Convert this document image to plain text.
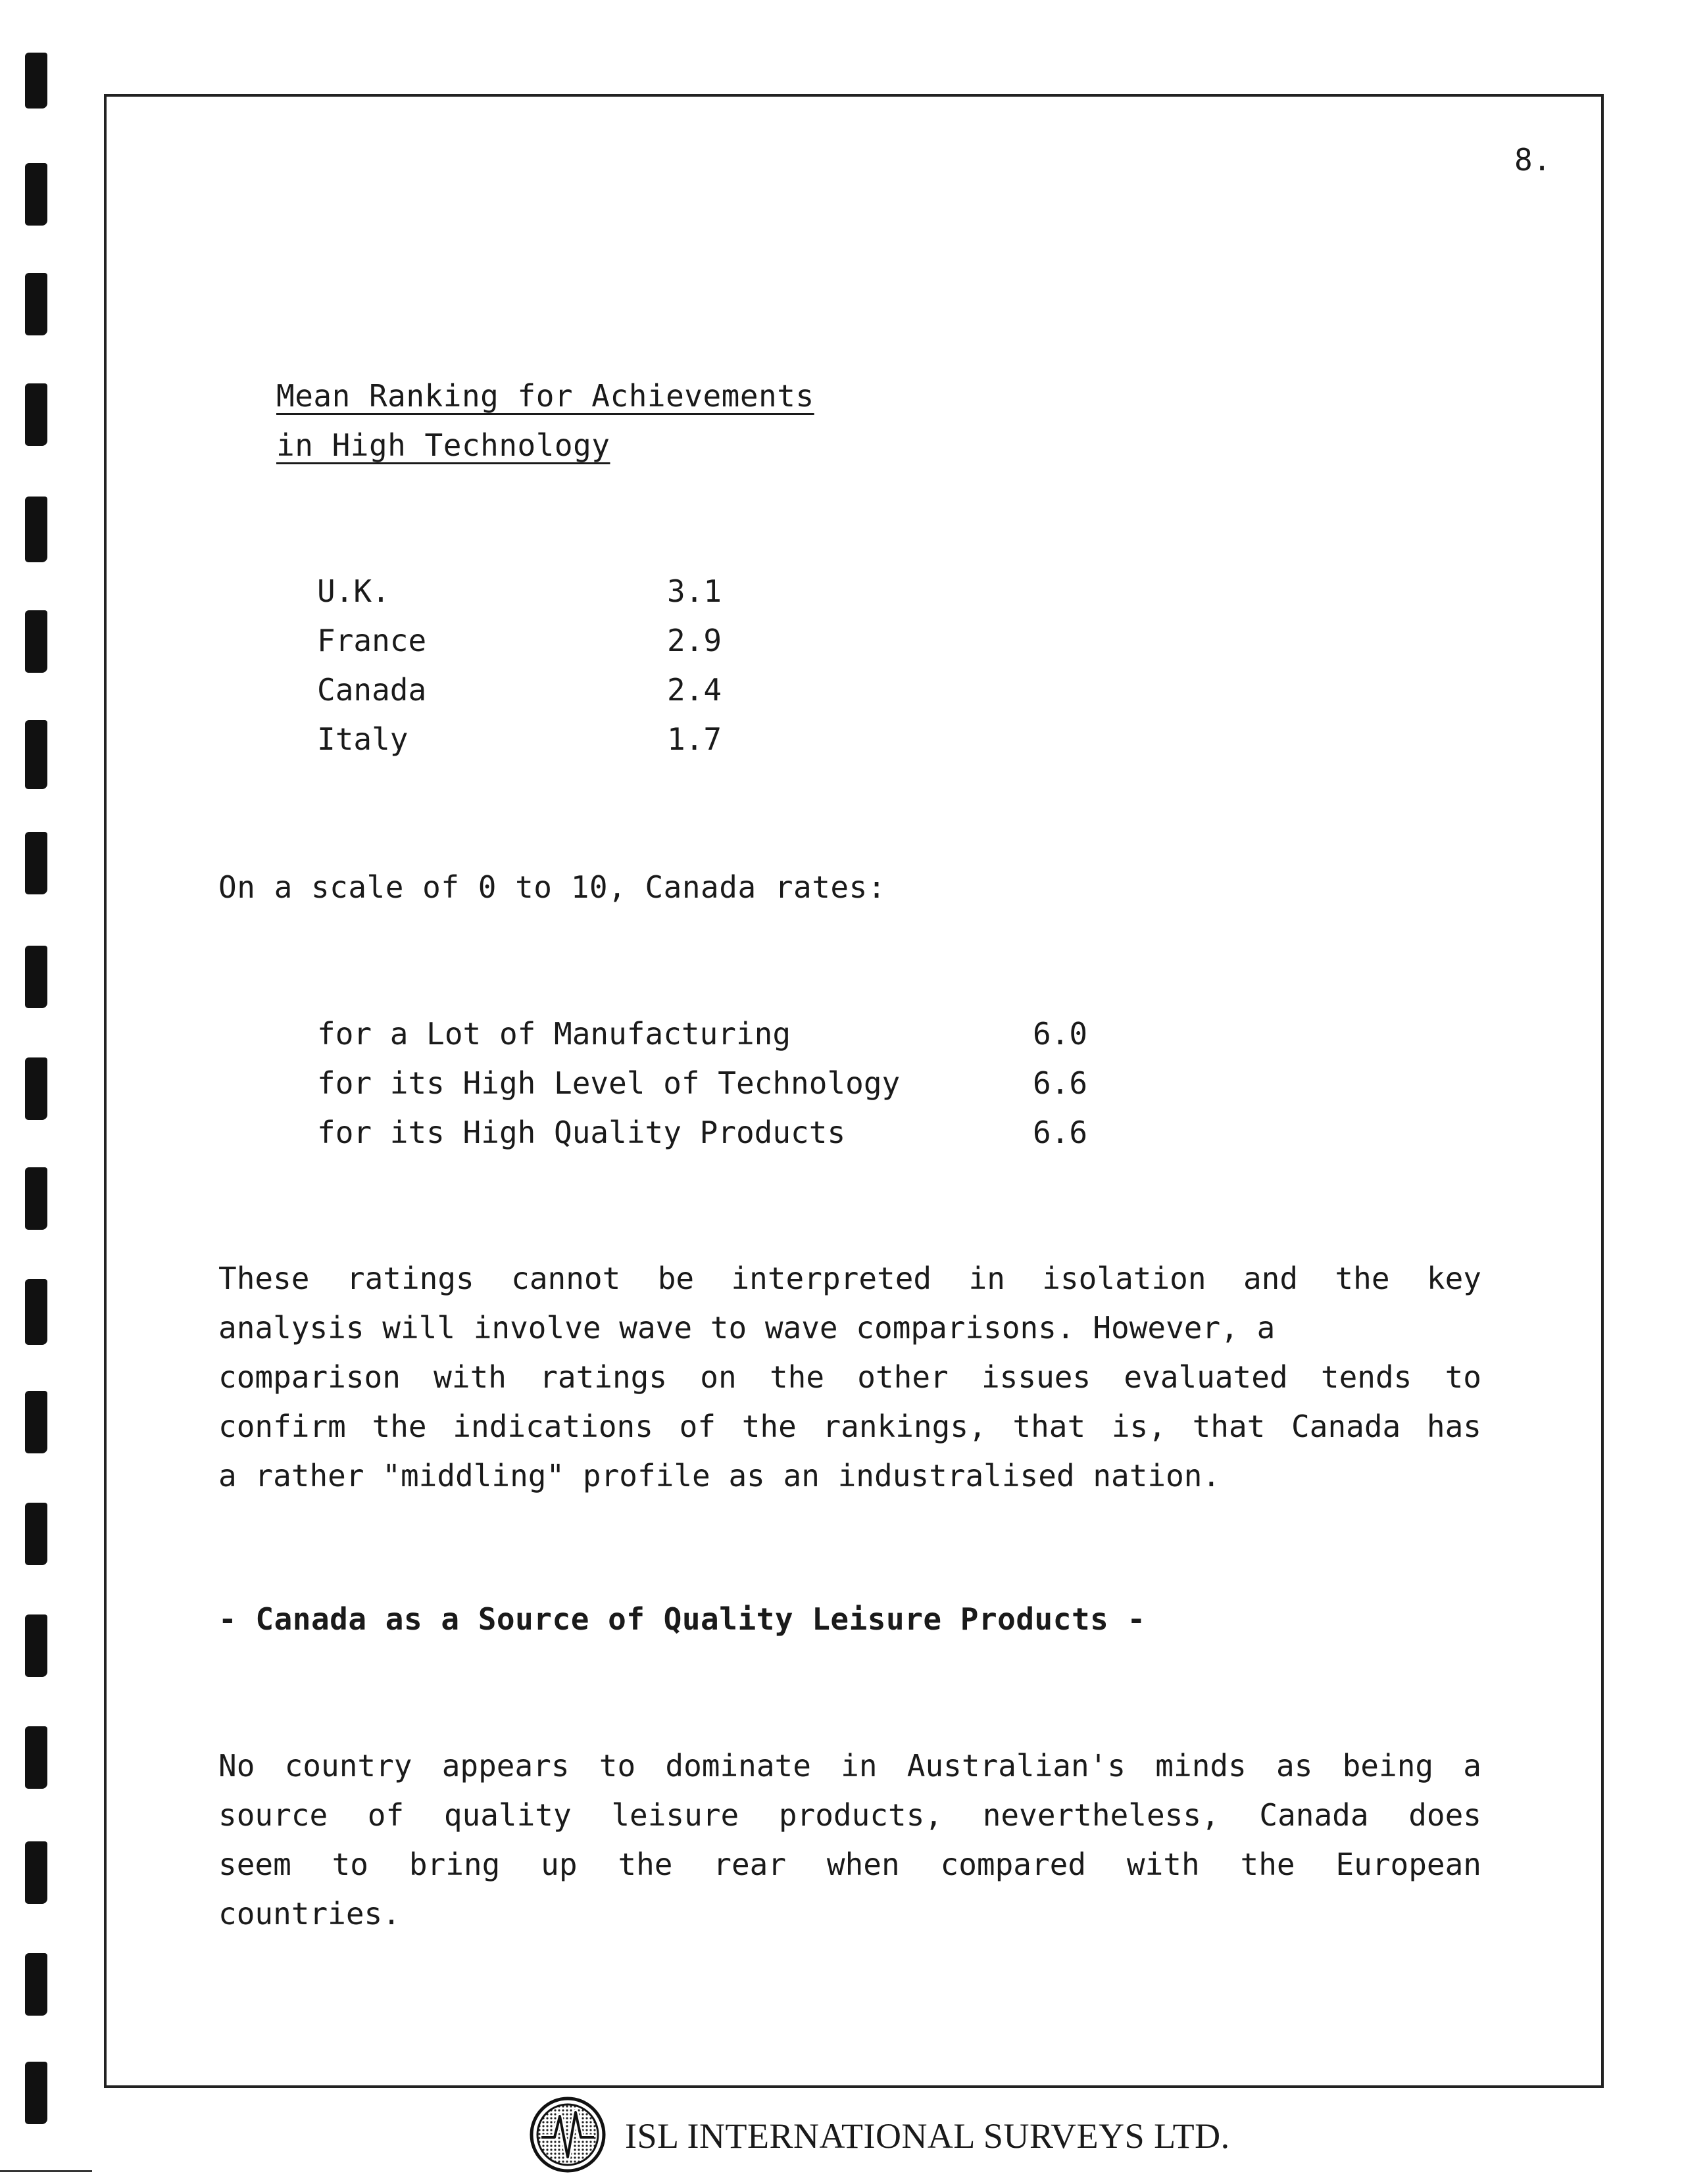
8.
Mean Ranking for Achievements
in High Technology
U.K.	3.1
France	2.9
Canada	2.4
Italy	1.7
On a scale of 0 to 10, Canada rates:
for a Lot of Manufacturing	6.0
for its High Level of Technology	6.6
for its High Quality Products	6.6
These ratings cannot be interpreted in isolation and the key
analysis will involve wave to wave comparisons. However, a
comparison with ratings on the other issues evaluated tends to
confirm the indications of the rankings, that is, that Canada has
a rather "middling" profile as an industralised nation.
- Canada as a Source of Quality Leisure Products -
No country appears to dominate in Australian's minds as being a
source of quality leisure products, nevertheless, Canada does
seem to bring up the rear when compared with the European
countries.
ISL INTERNATIONAL SURVEYS LTD.
